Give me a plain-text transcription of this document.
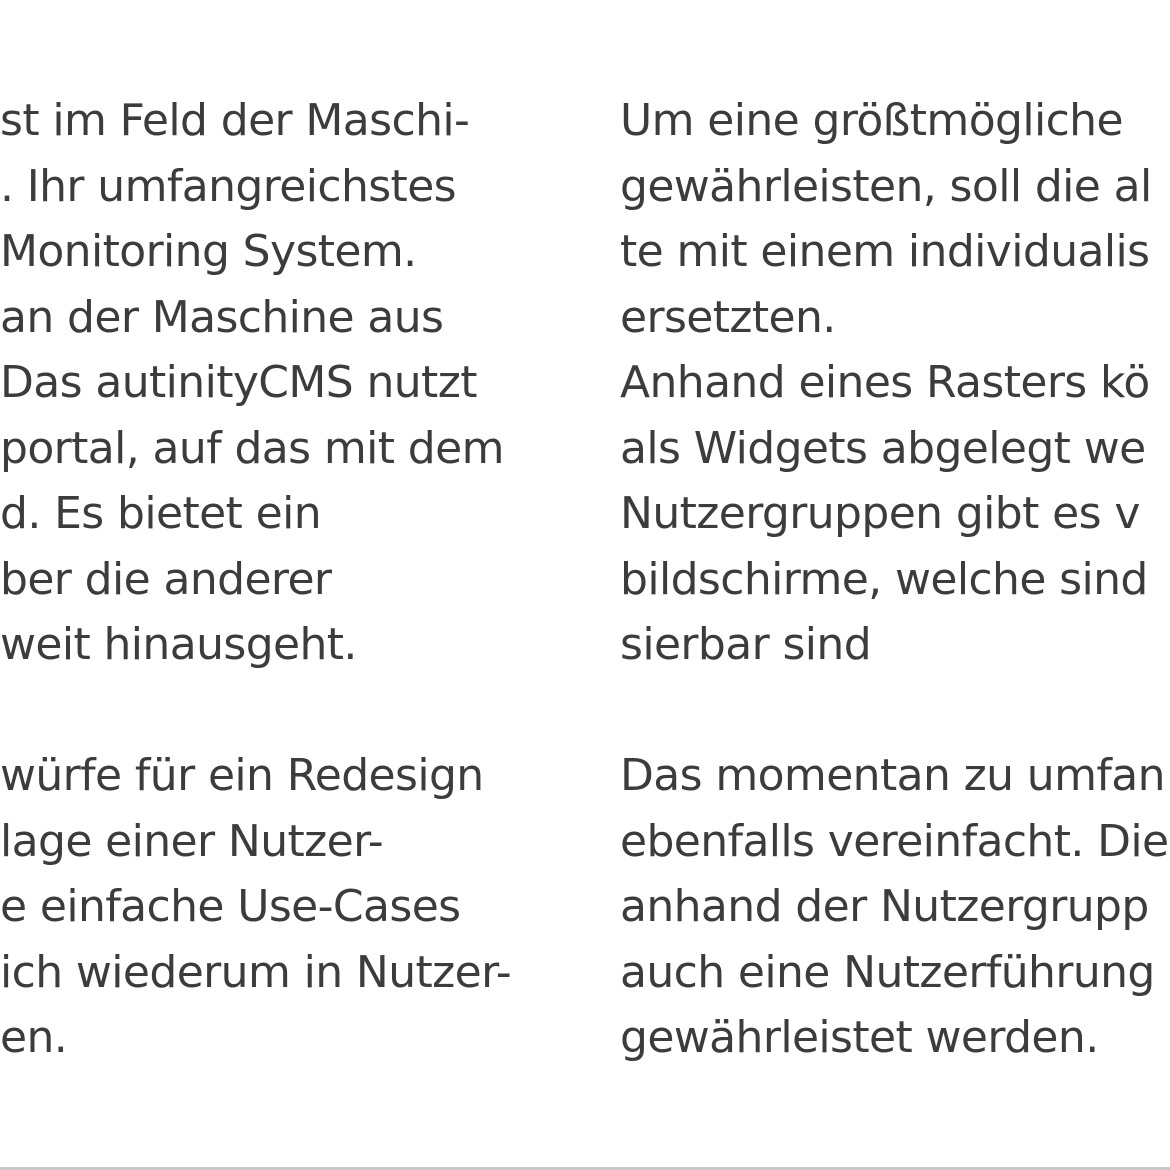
st im Feld der Maschi-
. Ihr umfangreichstes
Monitoring System.
an der Maschine aus
Das autinityCMS nutzt
portal, auf das mit dem
d. Es bietet ein
ber die anderer
weit hinausgeht.
würfe für ein Redesign
lage einer Nutzer-
e einfache Use-Cases
ich wiederum in Nutzer-
en.
Um eine größtmögliche
gewährleisten, soll die al
te mit einem individualis
ersetzten.
Anhand eines Rasters kö
als Widgets abgelegt we
Nutzergruppen gibt es v
bildschirme, welche sind
sierbar sind
Das momentan zu umfan
ebenfalls vereinfacht. Die
anhand der Nutzergrupp
auch eine Nutzerführung
gewährleistet werden.
